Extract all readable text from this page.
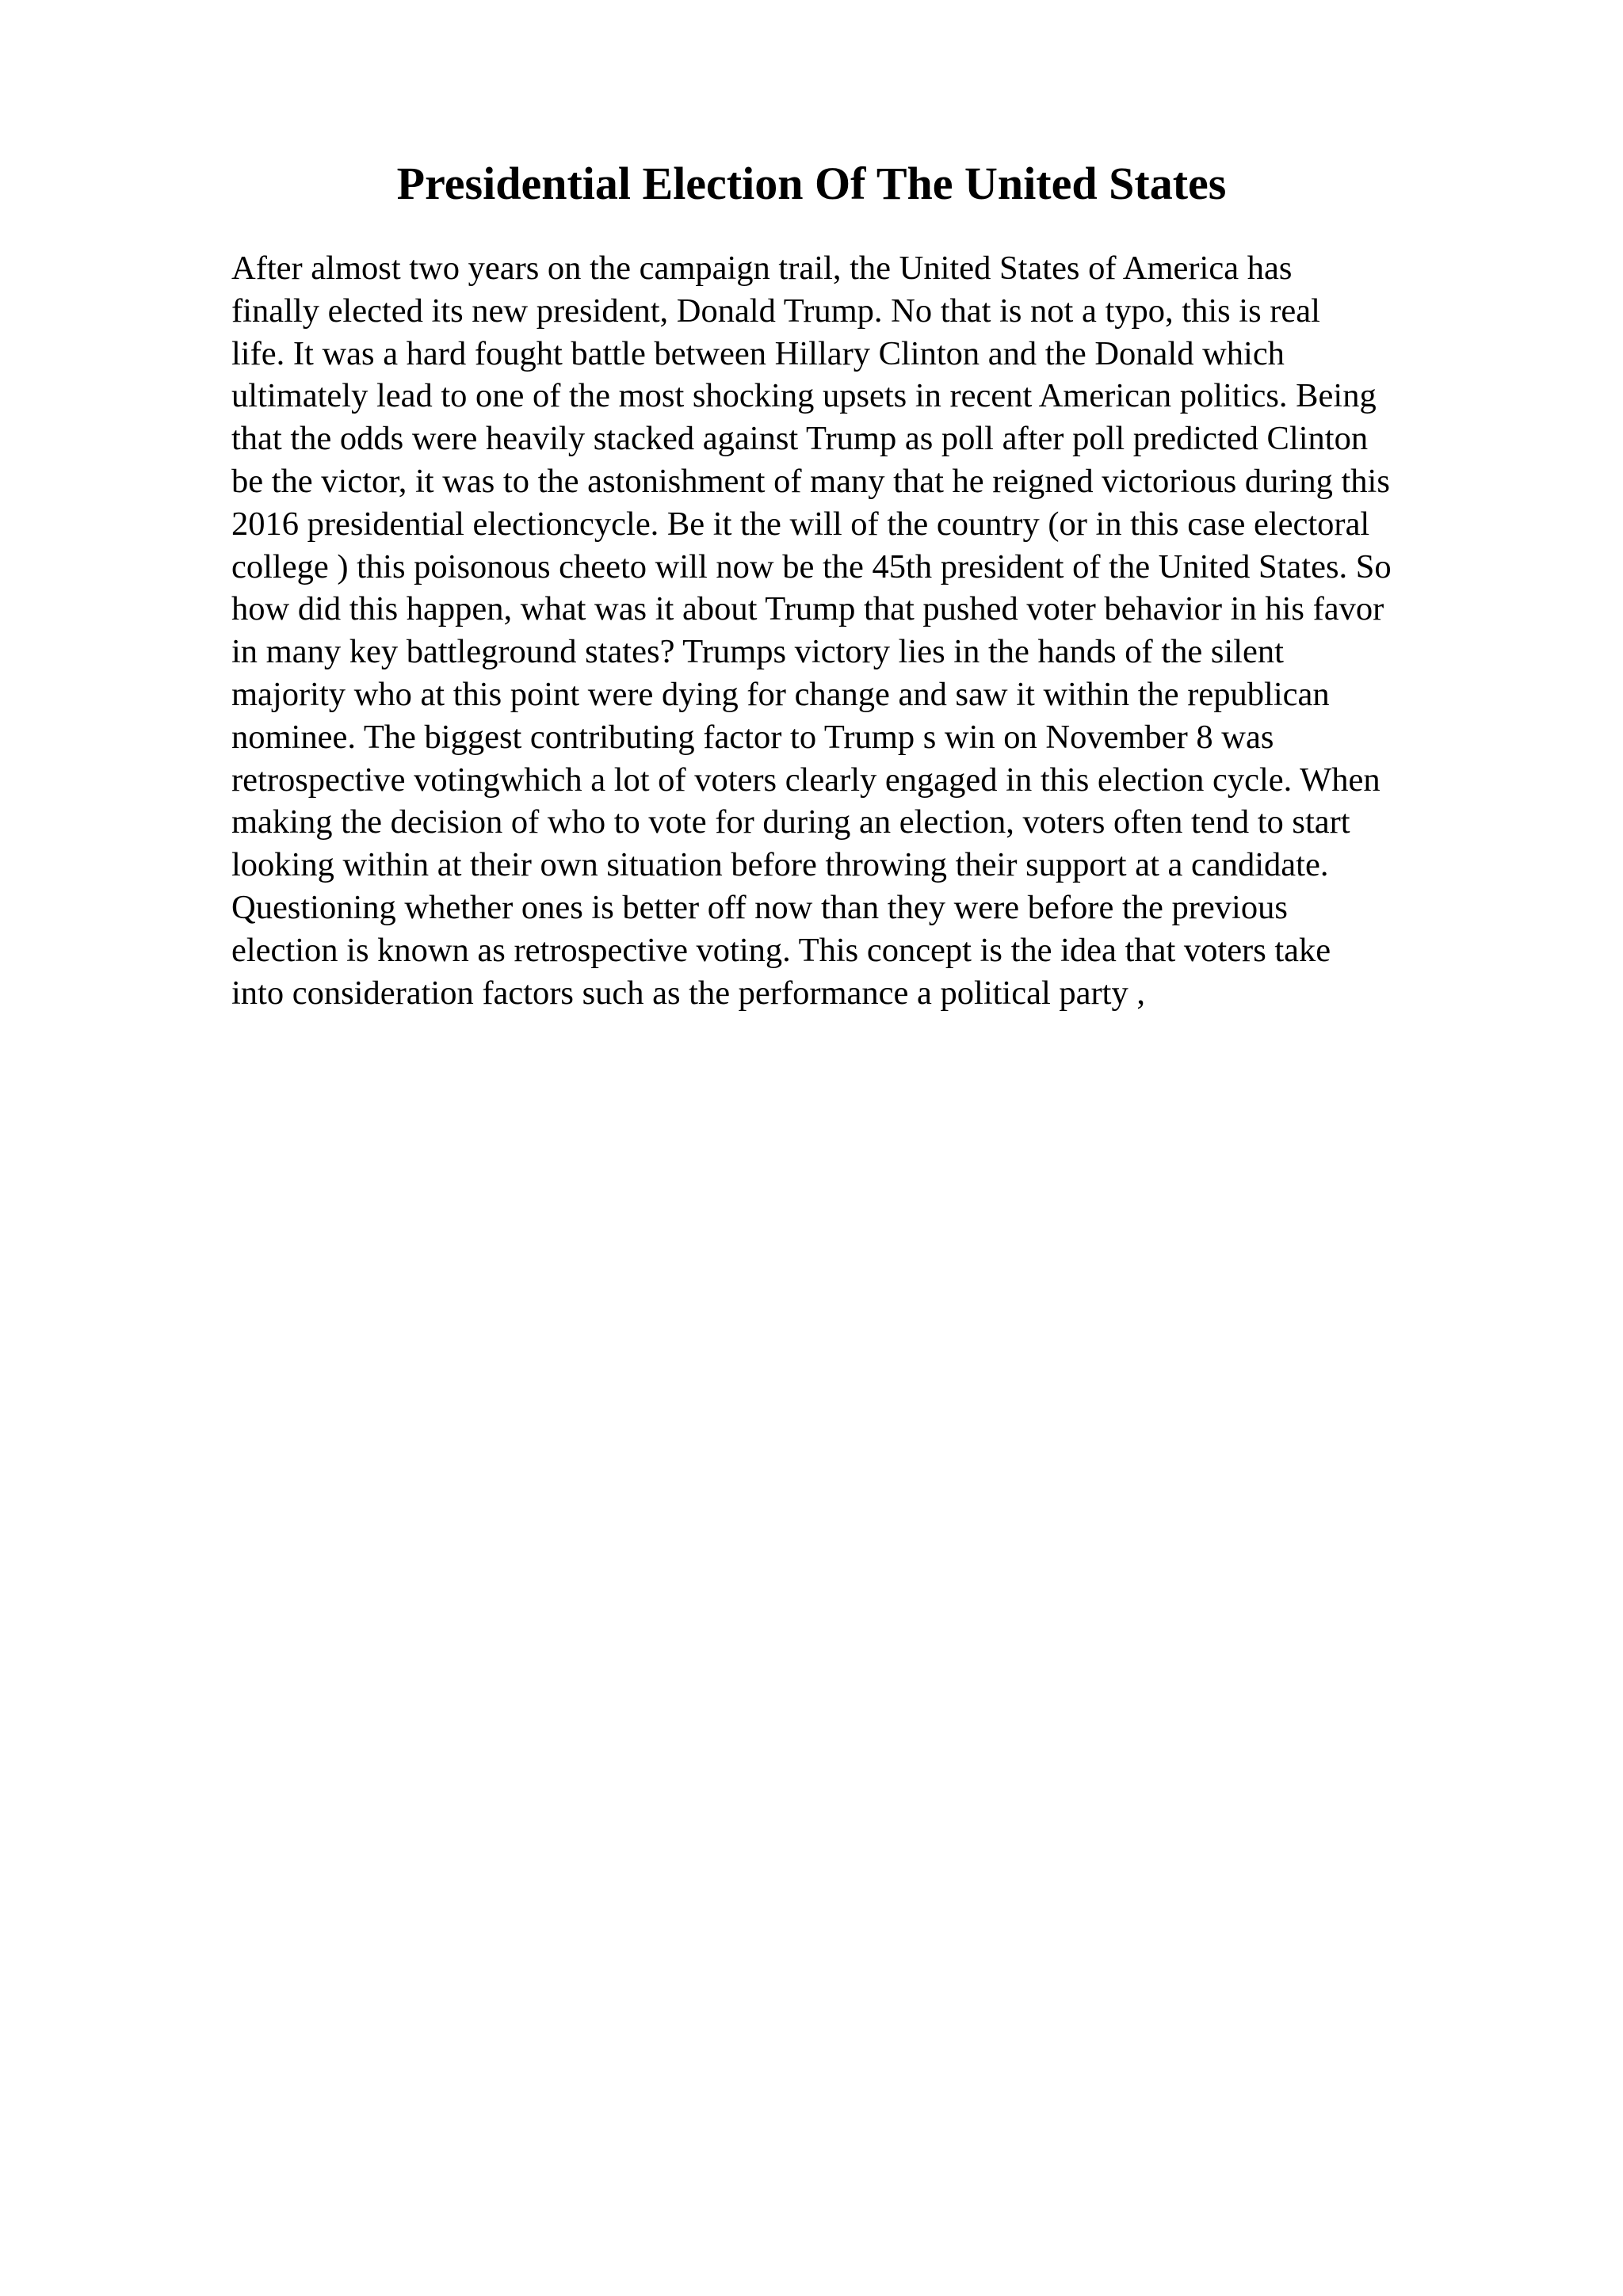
Presidential Election Of The United States
After almost two years on the campaign trail, the United States of America has
finally elected its new president, Donald Trump. No that is not a typo, this is real
life. It was a hard fought battle between Hillary Clinton and the Donald which
ultimately lead to one of the most shocking upsets in recent American politics. Being
that the odds were heavily stacked against Trump as poll after poll predicted Clinton
be the victor, it was to the astonishment of many that he reigned victorious during this
2016 presidential electioncycle. Be it the will of the country (or in this case electoral
college ) this poisonous cheeto will now be the 45th president of the United States. So
how did this happen, what was it about Trump that pushed voter behavior in his favor
in many key battleground states? Trumps victory lies in the hands of the silent
majority who at this point were dying for change and saw it within the republican
nominee. The biggest contributing factor to Trump s win on November 8 was
retrospective votingwhich a lot of voters clearly engaged in this election cycle. When
making the decision of who to vote for during an election, voters often tend to start
looking within at their own situation before throwing their support at a candidate.
Questioning whether ones is better off now than they were before the previous
election is known as retrospective voting. This concept is the idea that voters take
into consideration factors such as the performance a political party ,
